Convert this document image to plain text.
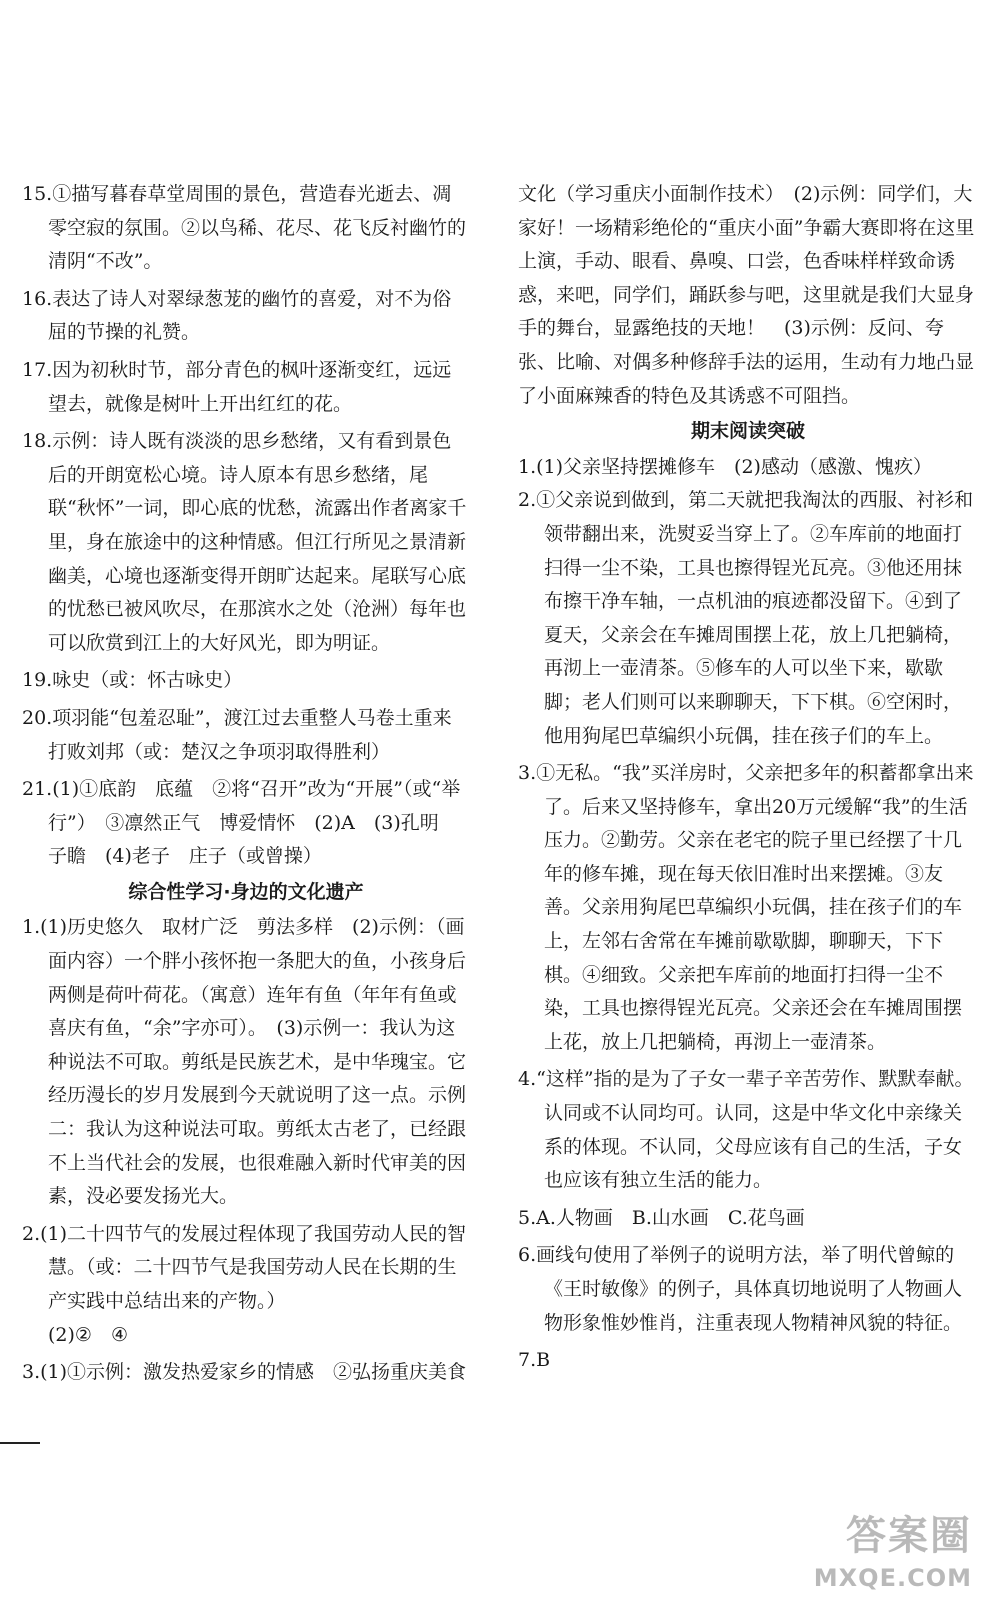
15.①描写暮春草堂周围的景色，营造春光逝去、凋零空寂的氛围。②以鸟稀、花尽、花飞反衬幽竹的清阴“不改”。

16.表达了诗人对翠绿葱茏的幽竹的喜爱，对不为俗屈的节操的礼赞。

17.因为初秋时节，部分青色的枫叶逐渐变红，远远望去，就像是树叶上开出红红的花。

18.示例：诗人既有淡淡的思乡愁绪，又有看到景色后的开朗宽松心境。诗人原本有思乡愁绪，尾联“秋怀”一词，即心底的忧愁，流露出作者离家千里，身在旅途中的这种情感。但江行所见之景清新幽美，心境也逐渐变得开朗旷达起来。尾联写心底的忧愁已被风吹尽，在那滨水之处（沧洲）每年也可以欣赏到江上的大好风光，即为明证。

19.咏史（或：怀古咏史）

20.项羽能“包羞忍耻”，渡江过去重整人马卷土重来打败刘邦（或：楚汉之争项羽取得胜利）

21.(1)①底韵　底蕴　②将“召开”改为“开展”（或“举行”）　③凛然正气　博爱情怀　(2)A　(3)孔明　子瞻　(4)老子　庄子（或曾操）

综合性学习·身边的文化遗产

1.(1)历史悠久　取材广泛　剪法多样　(2)示例：（画面内容）一个胖小孩怀抱一条肥大的鱼，小孩身后两侧是荷叶荷花。（寓意）连年有鱼（年年有鱼或喜庆有鱼，“余”字亦可）。　(3)示例一：我认为这种说法不可取。剪纸是民族艺术，是中华瑰宝。它经历漫长的岁月发展到今天就说明了这一点。示例二：我认为这种说法可取。剪纸太古老了，已经跟不上当代社会的发展，也很难融入新时代审美的因素，没必要发扬光大。

2.(1)二十四节气的发展过程体现了我国劳动人民的智慧。（或：二十四节气是我国劳动人民在长期的生产实践中总结出来的产物。）

(2)②　④

3.(1)①示例：激发热爱家乡的情感　②弘扬重庆美食

文化（学习重庆小面制作技术）　(2)示例：同学们，大家好！一场精彩绝伦的“重庆小面”争霸大赛即将在这里上演，手动、眼看、鼻嗅、口尝，色香味样样致命诱惑，来吧，同学们，踊跃参与吧，这里就是我们大显身手的舞台，显露绝技的天地！　(3)示例：反问、夸张、比喻、对偶多种修辞手法的运用，生动有力地凸显了小面麻辣香的特色及其诱惑不可阻挡。

期末阅读突破

1.(1)父亲坚持摆摊修车　(2)感动（感激、愧疚）

2.①父亲说到做到，第二天就把我淘汰的西服、衬衫和领带翻出来，洗熨妥当穿上了。②车库前的地面打扫得一尘不染，工具也擦得锃光瓦亮。③他还用抹布擦干净车轴，一点机油的痕迹都没留下。④到了夏天，父亲会在车摊周围摆上花，放上几把躺椅，再沏上一壶清茶。⑤修车的人可以坐下来，歇歇脚；老人们则可以来聊聊天，下下棋。⑥空闲时，他用狗尾巴草编织小玩偶，挂在孩子们的车上。

3.①无私。“我”买洋房时，父亲把多年的积蓄都拿出来了。后来又坚持修车，拿出20万元缓解“我”的生活压力。②勤劳。父亲在老宅的院子里已经摆了十几年的修车摊，现在每天依旧准时出来摆摊。③友善。父亲用狗尾巴草编织小玩偶，挂在孩子们的车上，左邻右舍常在车摊前歇歇脚，聊聊天，下下棋。④细致。父亲把车库前的地面打扫得一尘不染，工具也擦得锃光瓦亮。父亲还会在车摊周围摆上花，放上几把躺椅，再沏上一壶清茶。

4.“这样”指的是为了子女一辈子辛苦劳作、默默奉献。认同或不认同均可。认同，这是中华文化中亲缘关系的体现。不认同，父母应该有自己的生活，子女也应该有独立生活的能力。

5.A.人物画　B.山水画　C.花鸟画

6.画线句使用了举例子的说明方法，举了明代曾鲸的《王时敏像》的例子，具体真切地说明了人物画人物形象惟妙惟肖，注重表现人物精神风貌的特征。

7.B

答案圈
MXQE.COM
